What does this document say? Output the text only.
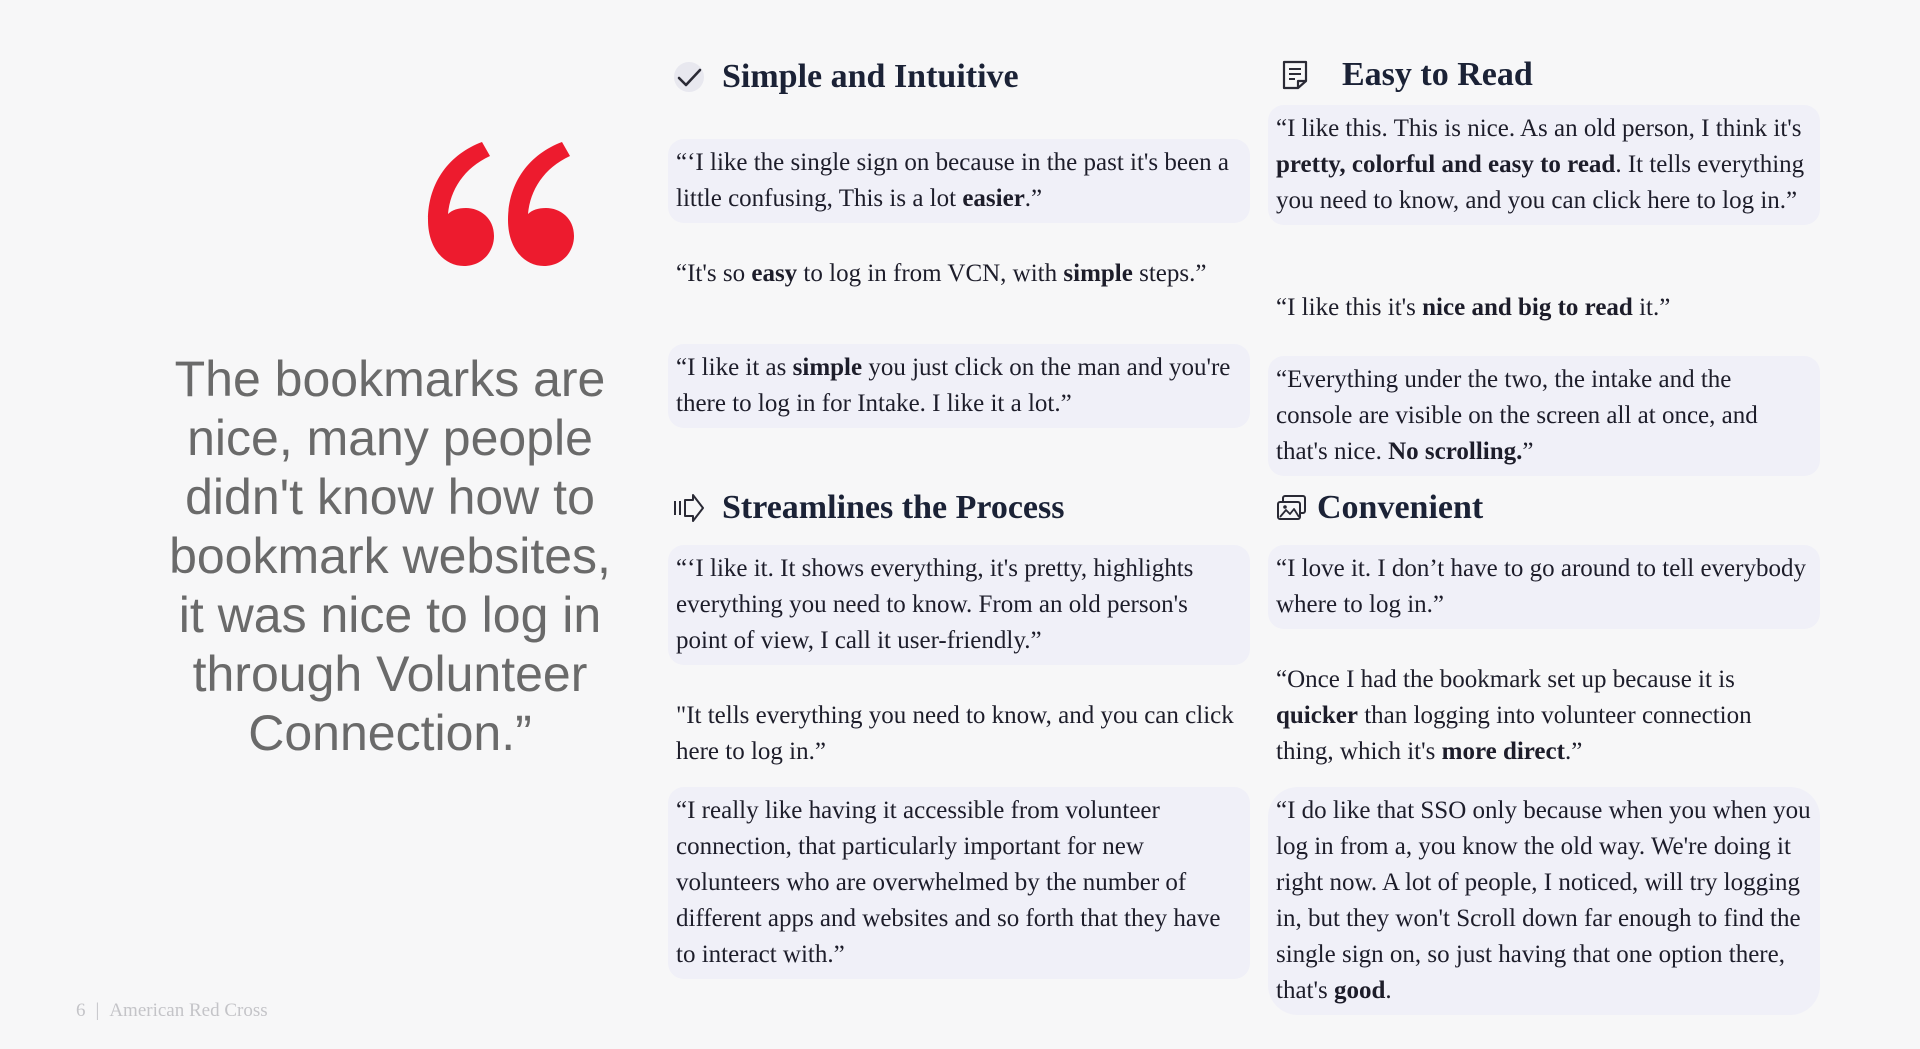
The bookmarks are nice, many people didn't know how to bookmark websites, it was nice to log in through Volunteer Connection.”
Simple and Intuitive
“‘I like the single sign on because in the past it's been a little confusing, This is a lot easier.”
“It's so easy to log in from VCN, with simple steps.”
“I like it as simple you just click on the man and you're there to log in for Intake. I like it a lot.”
Streamlines the Process
“‘I like it. It shows everything, it's pretty, highlights everything you need to know. From an old person's point of view, I call it user-friendly.”
"It tells everything you need to know, and you can click here to log in.”
“I really like having it accessible from volunteer connection, that particularly important for new volunteers who are overwhelmed by the number of different apps and websites and so forth that they have to interact with.”
Easy to Read
“I like this. This is nice. As an old person, I think it's pretty, colorful and easy to read. It tells everything you need to know, and you can click here to log in.”
“I like this it's nice and big to read it.”
“Everything under the two, the intake and the console are visible on the screen all at once, and that's nice. No scrolling.”
Convenient
“I love it. I don’t have to go around to tell everybody where to log in.”
“Once I had the bookmark set up because it is quicker than logging into volunteer connection thing, which it's more direct.”
“I do like that SSO only because when you when you log in from a, you know the old way. We're doing it right now. A lot of people, I noticed, will try logging in, but they won't Scroll down far enough to find the single sign on, so just having that one option there, that's good.
6 | American Red Cross
